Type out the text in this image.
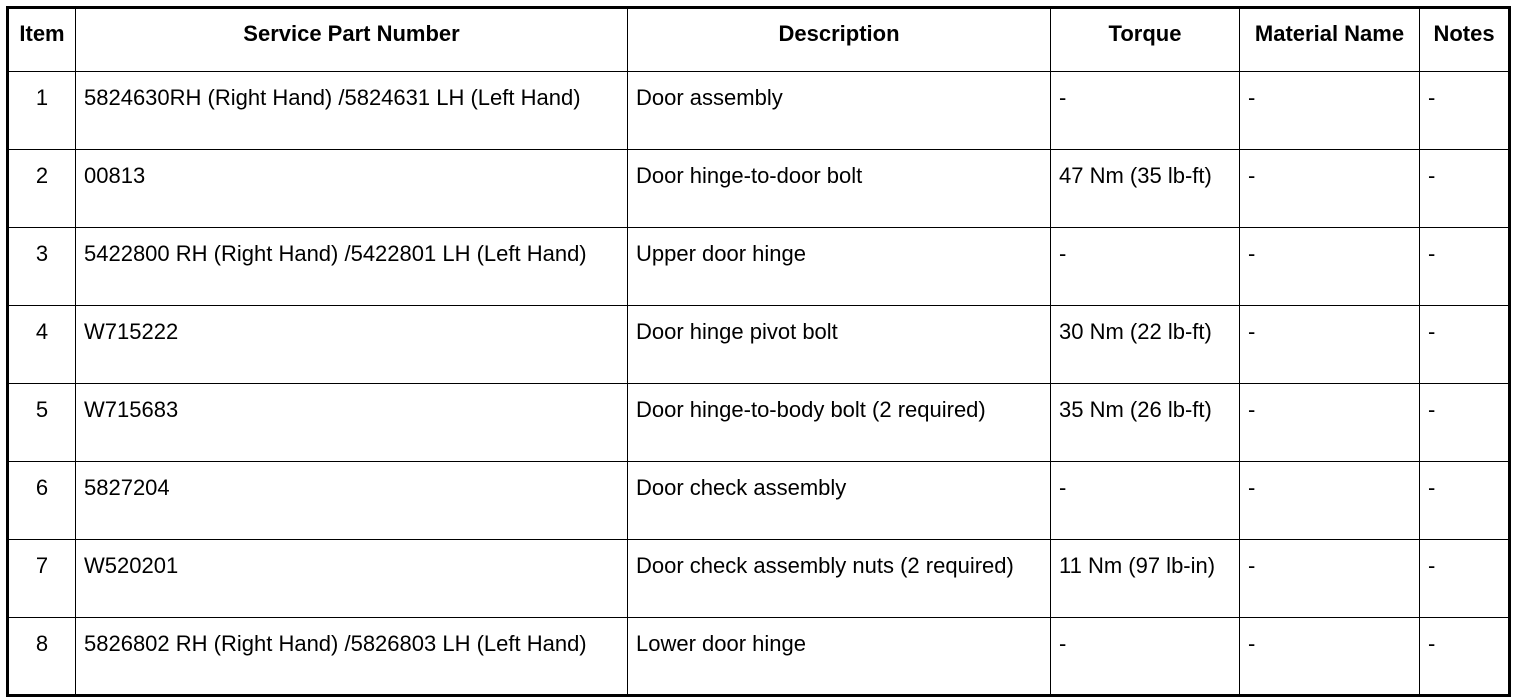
Item	Service Part Number	Description	Torque	Material Name	Notes
1	5824630RH (Right Hand) /5824631 LH (Left Hand)	Door assembly	-	-	-
2	00813	Door hinge-to-door bolt	47 Nm (35 lb-ft)	-	-
3	5422800 RH (Right Hand) /5422801 LH (Left Hand)	Upper door hinge	-	-	-
4	W715222	Door hinge pivot bolt	30 Nm (22 lb-ft)	-	-
5	W715683	Door hinge-to-body bolt (2 required)	35 Nm (26 lb-ft)	-	-
6	5827204	Door check assembly	-	-	-
7	W520201	Door check assembly nuts (2 required)	11 Nm (97 lb-in)	-	-
8	5826802 RH (Right Hand) /5826803 LH (Left Hand)	Lower door hinge	-	-	-
